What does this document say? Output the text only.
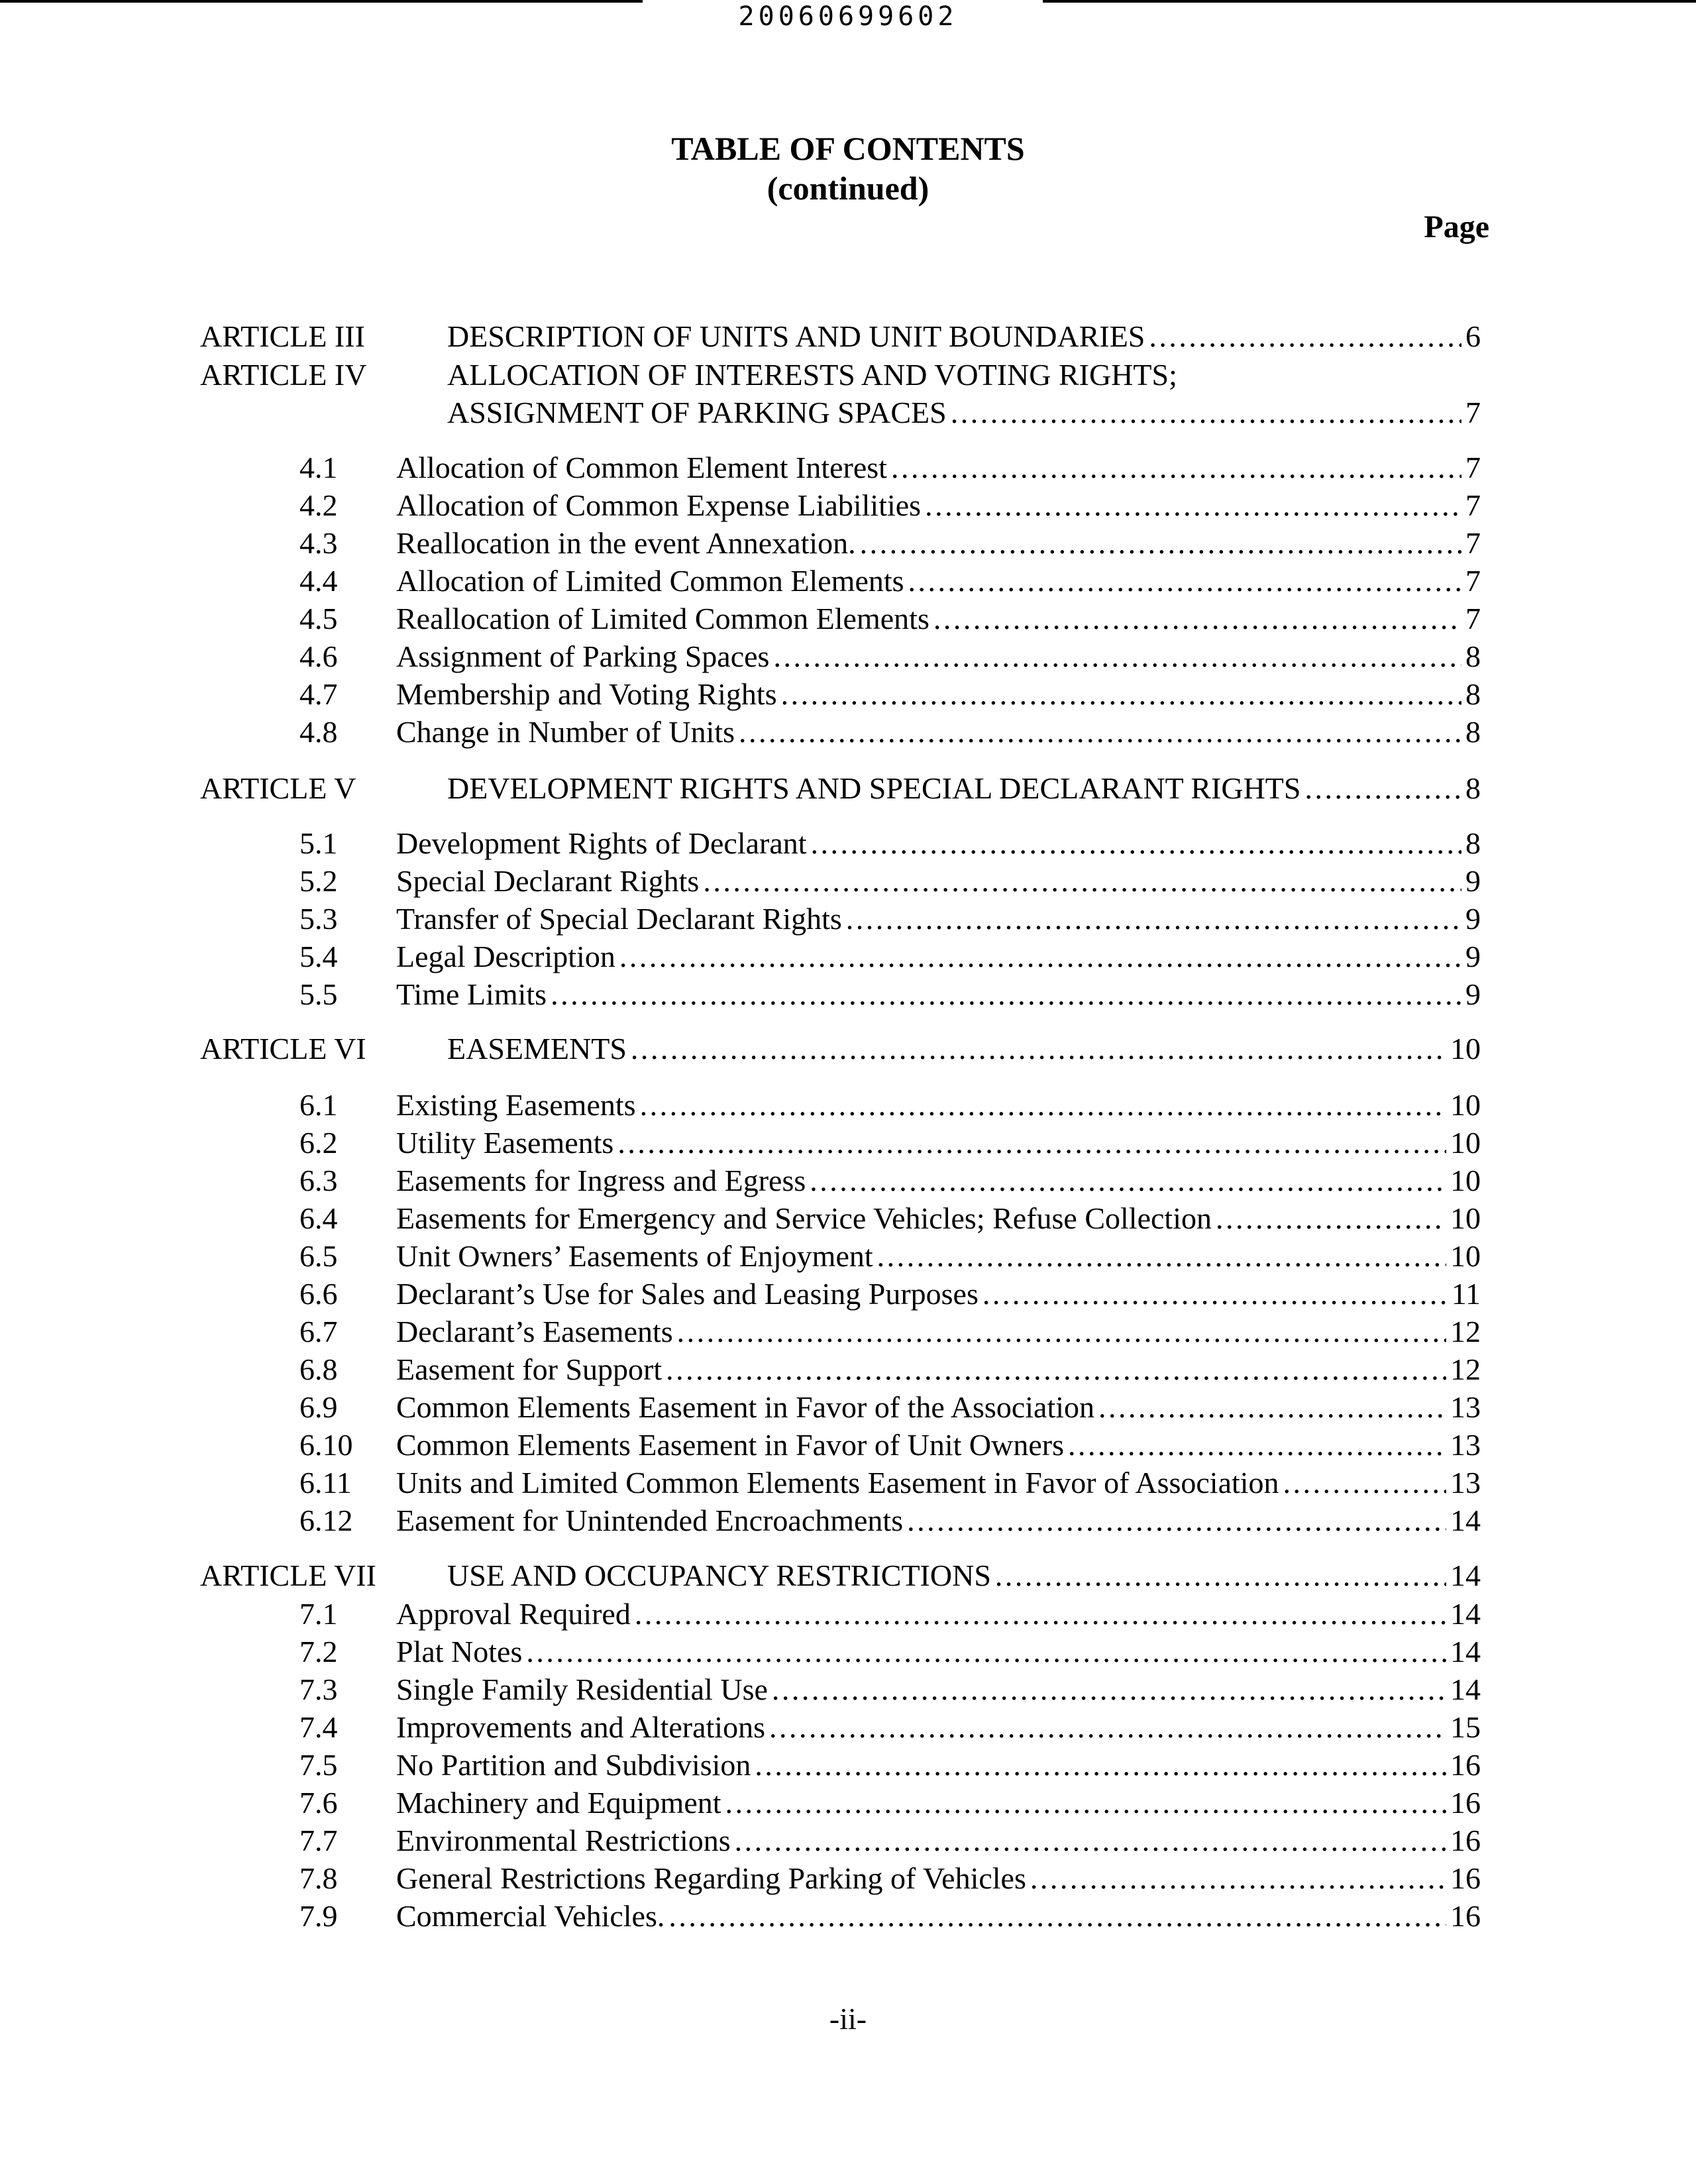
20060699602
TABLE OF CONTENTS
(continued)
Page
ARTICLE III	DESCRIPTION OF UNITS AND UNIT BOUNDARIES . . .	6
ARTICLE IV	ALLOCATION OF INTERESTS AND VOTING RIGHTS;
ASSIGNMENT OF PARKING SPACES . . .	7
4.1 Allocation of Common Element Interest . . .	7
4.2 Allocation of Common Expense Liabilities . . .	7
4.3 Reallocation in the event Annexation. . . .	7
4.4 Allocation of Limited Common Elements . . .	7
4.5 Reallocation of Limited Common Elements . . .	7
4.6 Assignment of Parking Spaces . . .	8
4.7 Membership and Voting Rights . . .	8
4.8 Change in Number of Units . . .	8
ARTICLE V	DEVELOPMENT RIGHTS AND SPECIAL DECLARANT RIGHTS . . .	8
5.1 Development Rights of Declarant . . .	8
5.2 Special Declarant Rights . . .	9
5.3 Transfer of Special Declarant Rights . . .	9
5.4 Legal Description . . .	9
5.5 Time Limits . . .	9
ARTICLE VI	EASEMENTS . . .	10
6.1 Existing Easements . . .	10
6.2 Utility Easements . . .	10
6.3 Easements for Ingress and Egress . . .	10
6.4 Easements for Emergency and Service Vehicles; Refuse Collection . . .	10
6.5 Unit Owners’ Easements of Enjoyment . . .	10
6.6 Declarant’s Use for Sales and Leasing Purposes . . .	11
6.7 Declarant’s Easements . . .	12
6.8 Easement for Support . . .	12
6.9 Common Elements Easement in Favor of the Association . . .	13
6.10 Common Elements Easement in Favor of Unit Owners . . .	13
6.11 Units and Limited Common Elements Easement in Favor of Association . . .	13
6.12 Easement for Unintended Encroachments . . .	14
ARTICLE VII USE AND OCCUPANCY RESTRICTIONS . . .	14
7.1 Approval Required . . .	14
7.2 Plat Notes . . .	14
7.3 Single Family Residential Use . . .	14
7.4 Improvements and Alterations . . .	15
7.5 No Partition and Subdivision . . .	16
7.6 Machinery and Equipment . . .	16
7.7 Environmental Restrictions . . .	16
7.8 General Restrictions Regarding Parking of Vehicles . . .	16
7.9 Commercial Vehicles. . . .	16
-ii-
